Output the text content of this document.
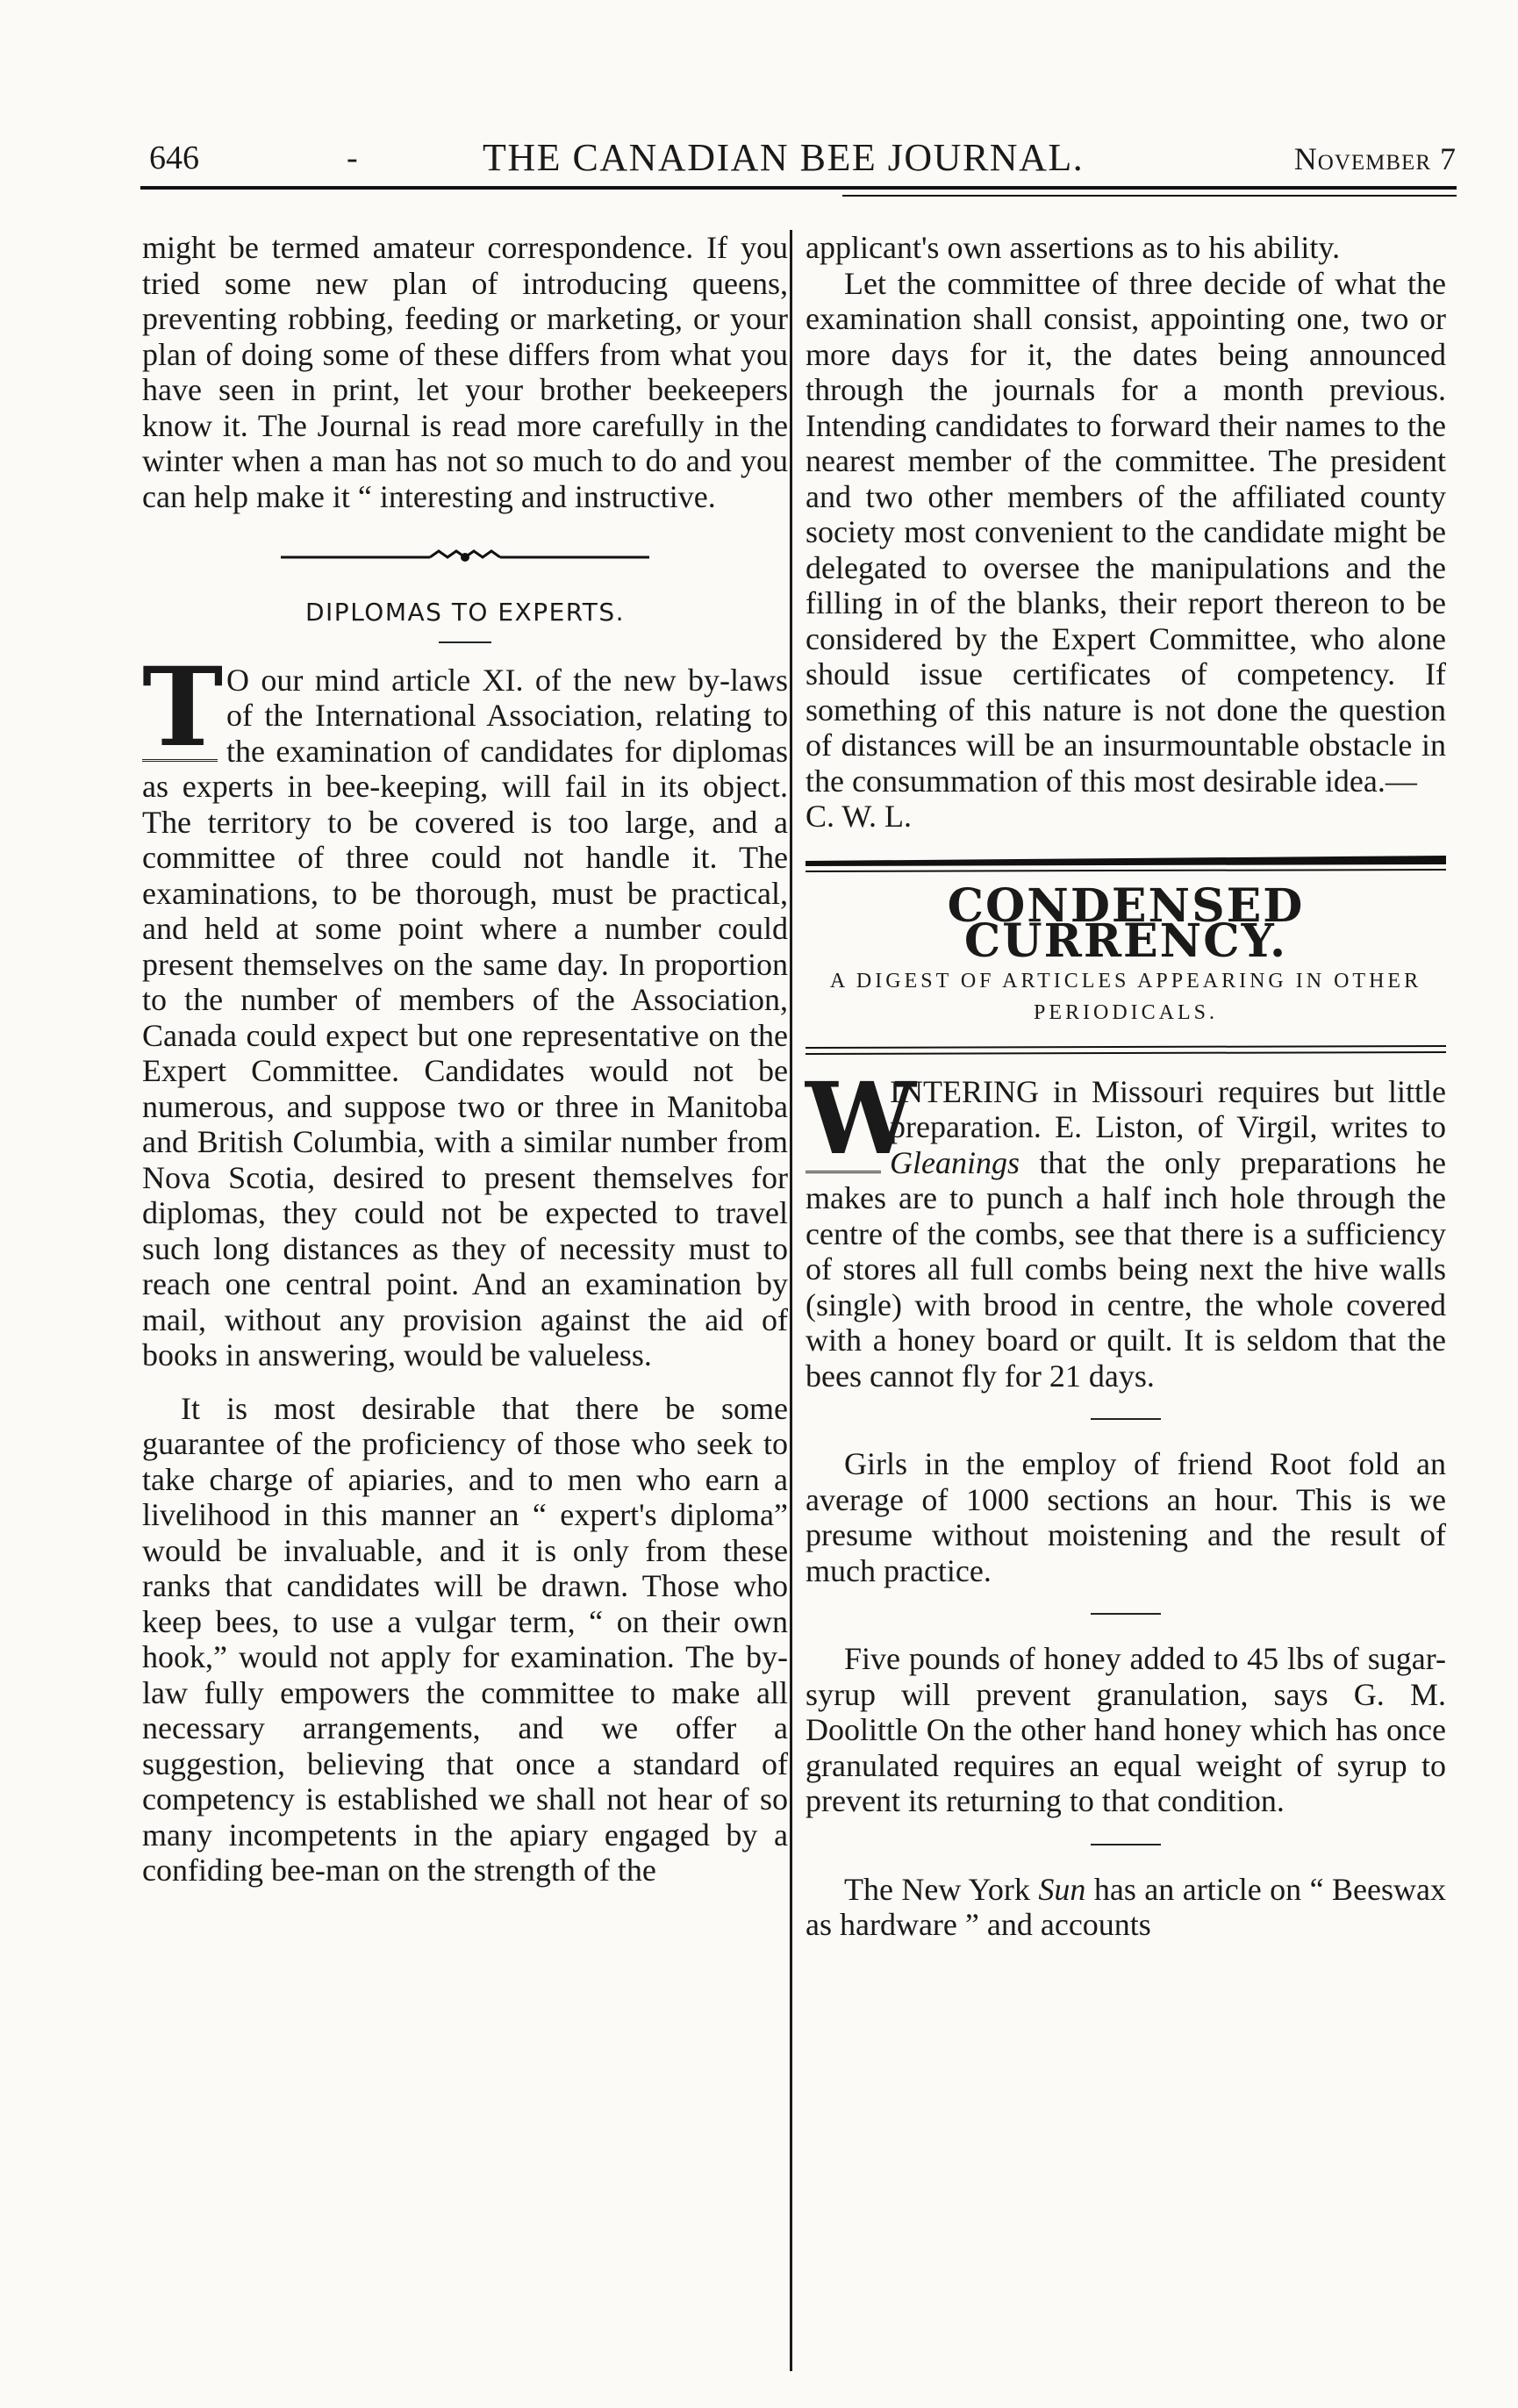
646	-	THE CANADIAN BEE JOURNAL.	November 7

might be termed amateur correspondence. If you tried some new plan of introducing queens, preventing robbing, feeding or marketing, or your plan of doing some of these differs from what you have seen in print, let your brother beekeepers know it. The Journal is read more carefully in the winter when a man has not so much to do and you can help make it “ interesting and instructive.

DIPLOMAS TO EXPERTS.

T O our mind article XI. of the new by-laws of the International Association, relating to the examination of candidates for diplomas as experts in bee-keeping, will fail in its object. The territory to be covered is too large, and a committee of three could not handle it. The examinations, to be thorough, must be practical, and held at some point where a number could present themselves on the same day. In proportion to the number of members of the Association, Canada could expect but one representative on the Expert Committee. Candidates would not be numerous, and suppose two or three in Manitoba and British Columbia, with a similar number from Nova Scotia, desired to present themselves for diplomas, they could not be expected to travel such long distances as they of necessity must to reach one central point. And an examination by mail, without any provision against the aid of books in answering, would be valueless.

It is most desirable that there be some guarantee of the proficiency of those who seek to take charge of apiaries, and to men who earn a livelihood in this manner an “ expert's diploma” would be invaluable, and it is only from these ranks that candidates will be drawn. Those who keep bees, to use a vulgar term, “ on their own hook,” would not apply for examination. The by-law fully empowers the committee to make all necessary arrangements, and we offer a suggestion, believing that once a standard of competency is established we shall not hear of so many incompetents in the apiary engaged by a confiding bee-man on the strength of the

applicant's own assertions as to his ability.

Let the committee of three decide of what the examination shall consist, appointing one, two or more days for it, the dates being announced through the journals for a month previous. Intending candidates to forward their names to the nearest member of the committee. The president and two other members of the affiliated county society most convenient to the candidate might be delegated to oversee the manipulations and the filling in of the blanks, their report thereon to be considered by the Expert Committee, who alone should issue certificates of competency. If something of this nature is not done the question of distances will be an insurmountable obstacle in the consummation of this most desirable idea.—

C. W. L.

CONDENSED CURRENCY.
A DIGEST OF ARTICLES APPEARING IN OTHER PERIODICALS.

W
INTERING in Missouri requires but little preparation. E. Liston, of Virgil, writes to Gleanings that the only preparations he makes are to punch a half inch hole through the centre of the combs, see that there is a sufficiency of stores all full combs being next the hive walls (single) with brood in centre, the whole covered with a honey board or quilt. It is seldom that the bees cannot fly for 21 days.

Girls in the employ of friend Root fold an average of 1000 sections an hour. This is we presume without moistening and the result of much practice.

Five pounds of honey added to 45 lbs of sugar-syrup will prevent granulation, says G. M. Doolittle On the other hand honey which has once granulated requires an equal weight of syrup to prevent its returning to that condition.

The New York Sun has an article on “ Beeswax as hardware ” and accounts
